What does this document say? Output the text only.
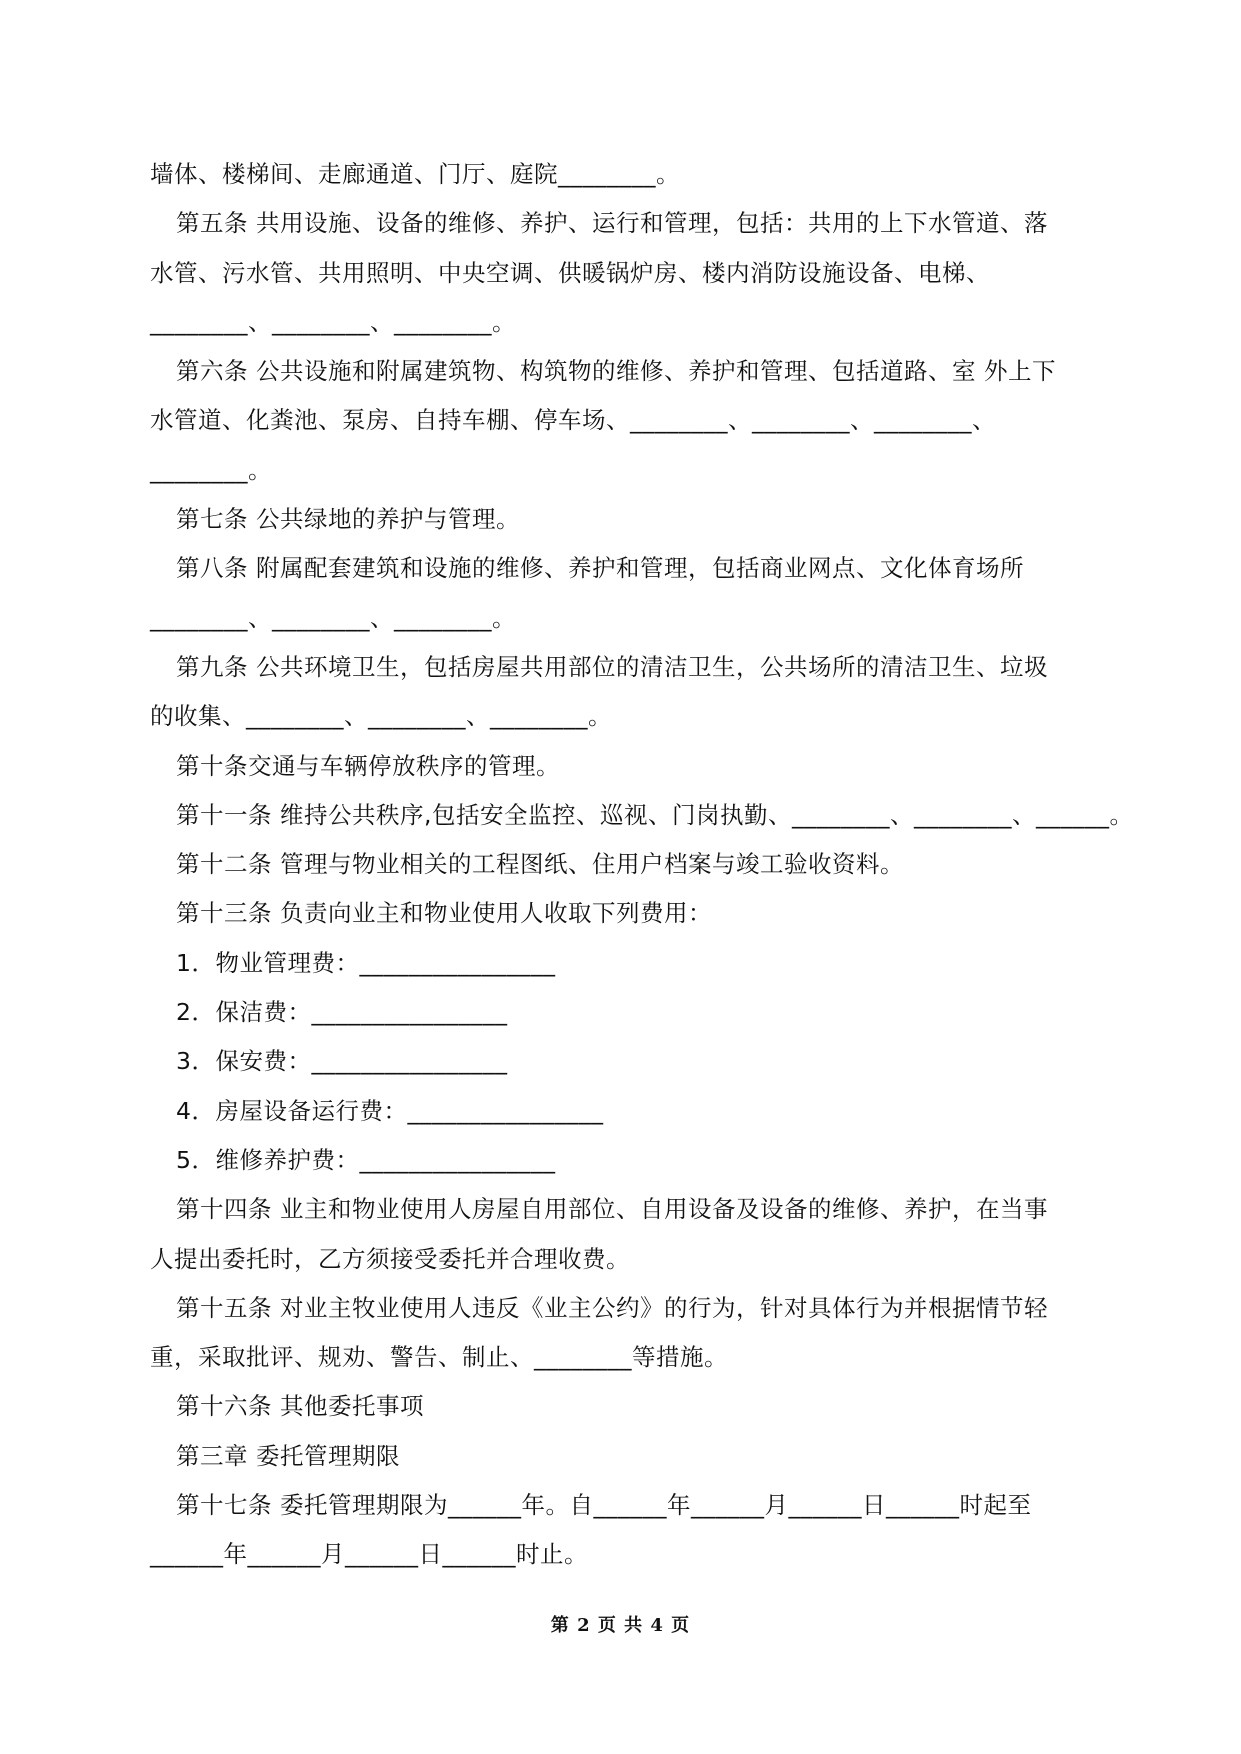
墙体、楼梯间、走廊通道、门厅、庭院________。
第五条 共用设施、设备的维修、养护、运行和管理，包括：共用的上下水管道、落
水管、污水管、共用照明、中央空调、供暖锅炉房、楼内消防设施设备、电梯、
________、________、________。
第六条 公共设施和附属建筑物、构筑物的维修、养护和管理、包括道路、室 外上下
水管道、化粪池、泵房、自持车棚、停车场、________、________、________、
________。
第七条 公共绿地的养护与管理。
第八条 附属配套建筑和设施的维修、养护和管理，包括商业网点、文化体育场所
________、________、________。
第九条 公共环境卫生，包括房屋共用部位的清洁卫生，公共场所的清洁卫生、垃圾
的收集、________、________、________。
第十条交通与车辆停放秩序的管理。
第十一条 维持公共秩序,包括安全监控、巡视、门岗执勤、________、________、______。
第十二条 管理与物业相关的工程图纸、住用户档案与竣工验收资料。
第十三条 负责向业主和物业使用人收取下列费用：
1．物业管理费：________________
2．保洁费：________________
3．保安费：________________
4．房屋设备运行费：________________
5．维修养护费：________________
第十四条 业主和物业使用人房屋自用部位、自用设备及设备的维修、养护，在当事
人提出委托时，乙方须接受委托并合理收费。
第十五条 对业主牧业使用人违反《业主公约》的行为，针对具体行为并根据情节轻
重，采取批评、规劝、警告、制止、________等措施。
第十六条 其他委托事项
第三章 委托管理期限
第十七条 委托管理期限为______年。自______年______月______日______时起至
______年______月______日______时止。
第 2 页 共 4 页
